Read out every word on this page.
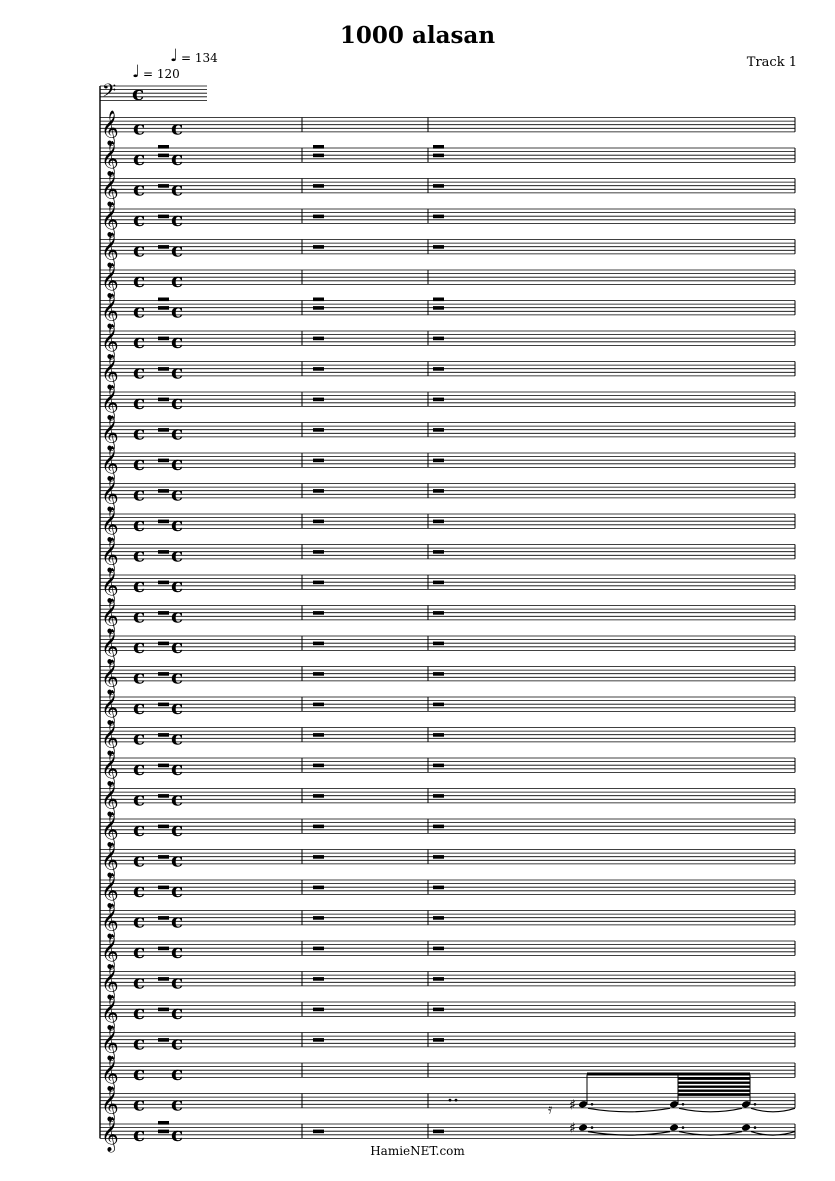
1000 alasan
Track 1
♩ = 120
♩ = 134
𝄢 c
𝄞 c c
𝄞 c c
𝄞 c c
𝄞 c c
𝄞 c c
𝄞 c c
𝄞 c c
𝄞 c c
𝄞 c c
𝄞 c c
𝄞 c c
𝄞 c c
𝄞 c c
𝄞 c c
𝄞 c c
𝄞 c c
𝄞 c c
𝄞 c c
𝄞 c c
𝄞 c c
𝄞 c c
𝄞 c c
𝄞 c c
𝄞 c c
𝄞 c c
𝄞 c c
𝄞 c c
𝄞 c c
𝄞 c c
𝄞 c c
𝄞 c c
𝄞 c c
𝄞 c c
𝄞 c c
𝄿 ♯
♯
HamieNET.com
